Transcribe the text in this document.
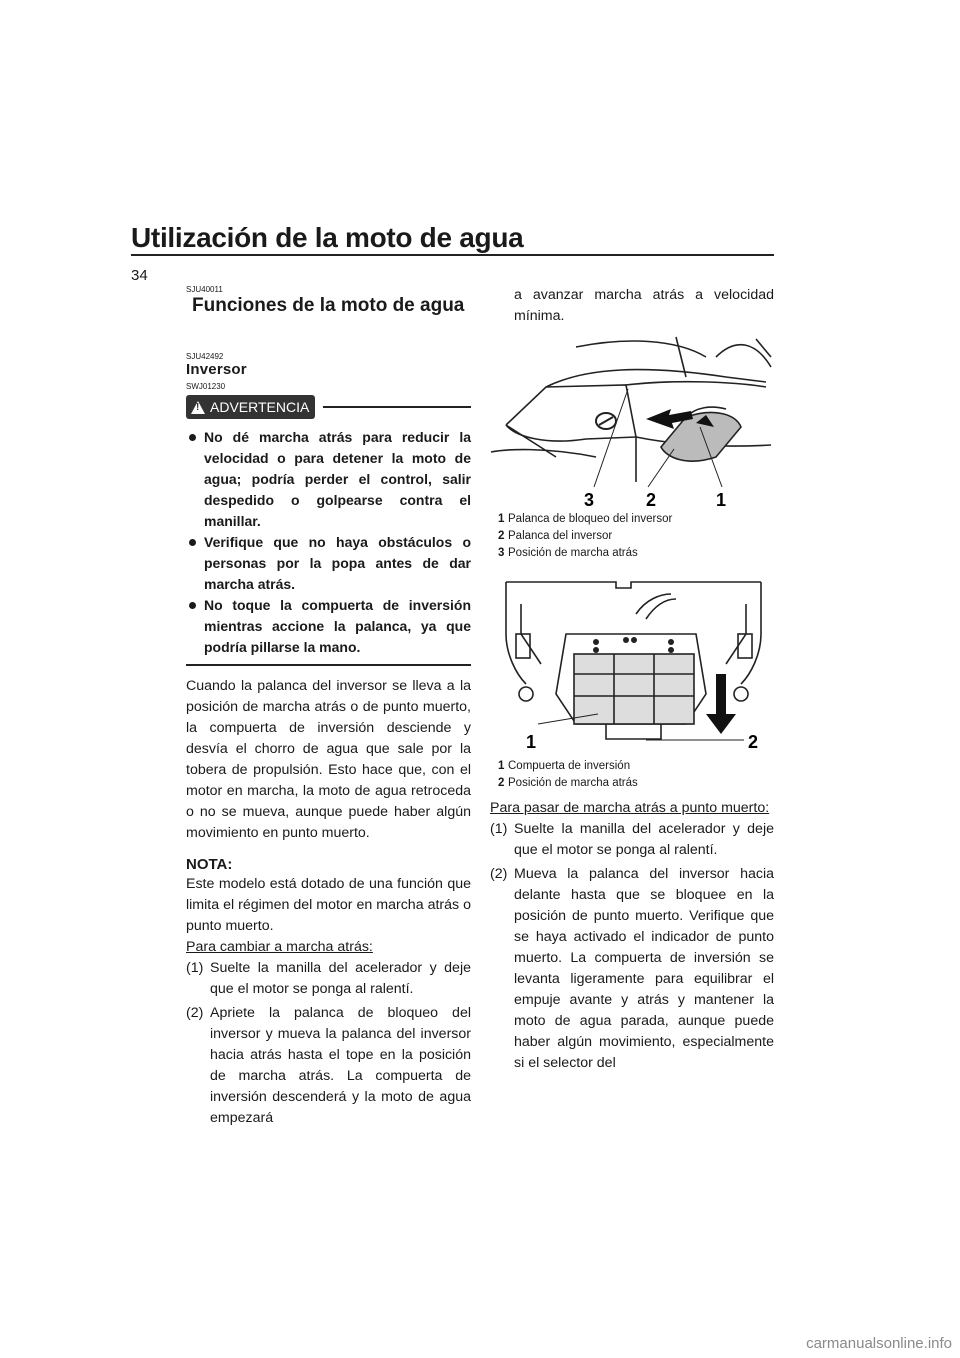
Utilización de la moto de agua
34
SJU40011
Funciones de la moto de agua
SJU42492
Inversor
SWJ01230
! ADVERTENCIA
No dé marcha atrás para reducir la velocidad o para detener la moto de agua; podría perder el control, salir despedido o golpearse contra el manillar.
Verifique que no haya obstáculos o personas por la popa antes de dar marcha atrás.
No toque la compuerta de inversión mientras accione la palanca, ya que podría pillarse la mano.

Cuando la palanca del inversor se lleva a la posición de marcha atrás o de punto muerto, la compuerta de inversión desciende y desvía el chorro de agua que sale por la tobera de propulsión. Esto hace que, con el motor en marcha, la moto de agua retroceda o no se mueva, aunque puede haber algún movimiento en punto muerto.

NOTA:

Este modelo está dotado de una función que limita el régimen del motor en marcha atrás o punto muerto.

Para cambiar a marcha atrás:
(1) Suelte la manilla del acelerador y deje que el motor se ponga al ralentí.
(2) Apriete la palanca de bloqueo del inversor y mueva la palanca del inversor hacia atrás hasta el tope en la posición de marcha atrás. La compuerta de inversión descenderá y la moto de agua empezará

a avanzar marcha atrás a velocidad mínima.

3	2	1
1 Palanca de bloqueo del inversor
2 Palanca del inversor
3 Posición de marcha atrás
1	2
1 Compuerta de inversión
2 Posición de marcha atrás
Para pasar de marcha atrás a punto muerto:
(1) Suelte la manilla del acelerador y deje que el motor se ponga al ralentí.
(2) Mueva la palanca del inversor hacia delante hasta que se bloquee en la posición de punto muerto. Verifique que se haya activado el indicador de punto muerto. La compuerta de inversión se levanta ligeramente para equilibrar el empuje avante y atrás y mantener la moto de agua parada, aunque puede haber algún movimiento, especialmente si el selector del
carmanualsonline.info
